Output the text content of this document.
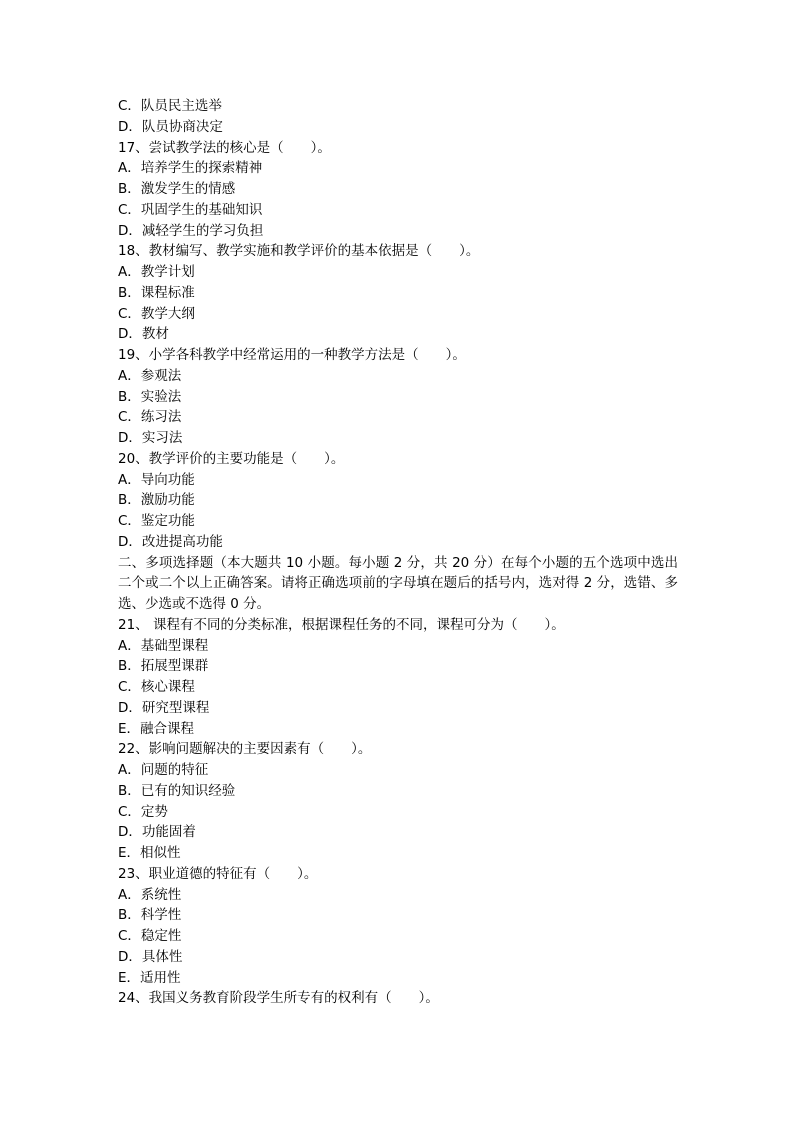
C．队员民主选举
D．队员协商决定
17、尝试教学法的核心是（　　）。
A．培养学生的探索精神
B．激发学生的情感
C．巩固学生的基础知识
D．减轻学生的学习负担
18、教材编写、教学实施和教学评价的基本依据是（　　）。
A．教学计划
B．课程标准
C．教学大纲
D．教材
19、小学各科教学中经常运用的一种教学方法是（　　）。
A．参观法
B．实验法
C．练习法
D．实习法
20、教学评价的主要功能是（　　）。
A．导向功能
B．激励功能
C．鉴定功能
D．改进提高功能
二、多项选择题（本大题共 10 小题。每小题 2 分，共 20 分）在每个小题的五个选项中选出二个或二个以上正确答案。请将正确选项前的字母填在题后的括号内，选对得 2 分，选错、多选、少选或不选得 0 分。
21、 课程有不同的分类标准，根据课程任务的不同，课程可分为（　　）。
A．基础型课程
B．拓展型课群
C．核心课程
D．研究型课程
E．融合课程
22、影响问题解决的主要因素有（　　）。
A．问题的特征
B．已有的知识经验
C．定势
D．功能固着
E．相似性
23、职业道德的特征有（　　）。
A．系统性
B．科学性
C．稳定性
D．具体性
E．适用性
24、我国义务教育阶段学生所专有的权利有（　　）。
